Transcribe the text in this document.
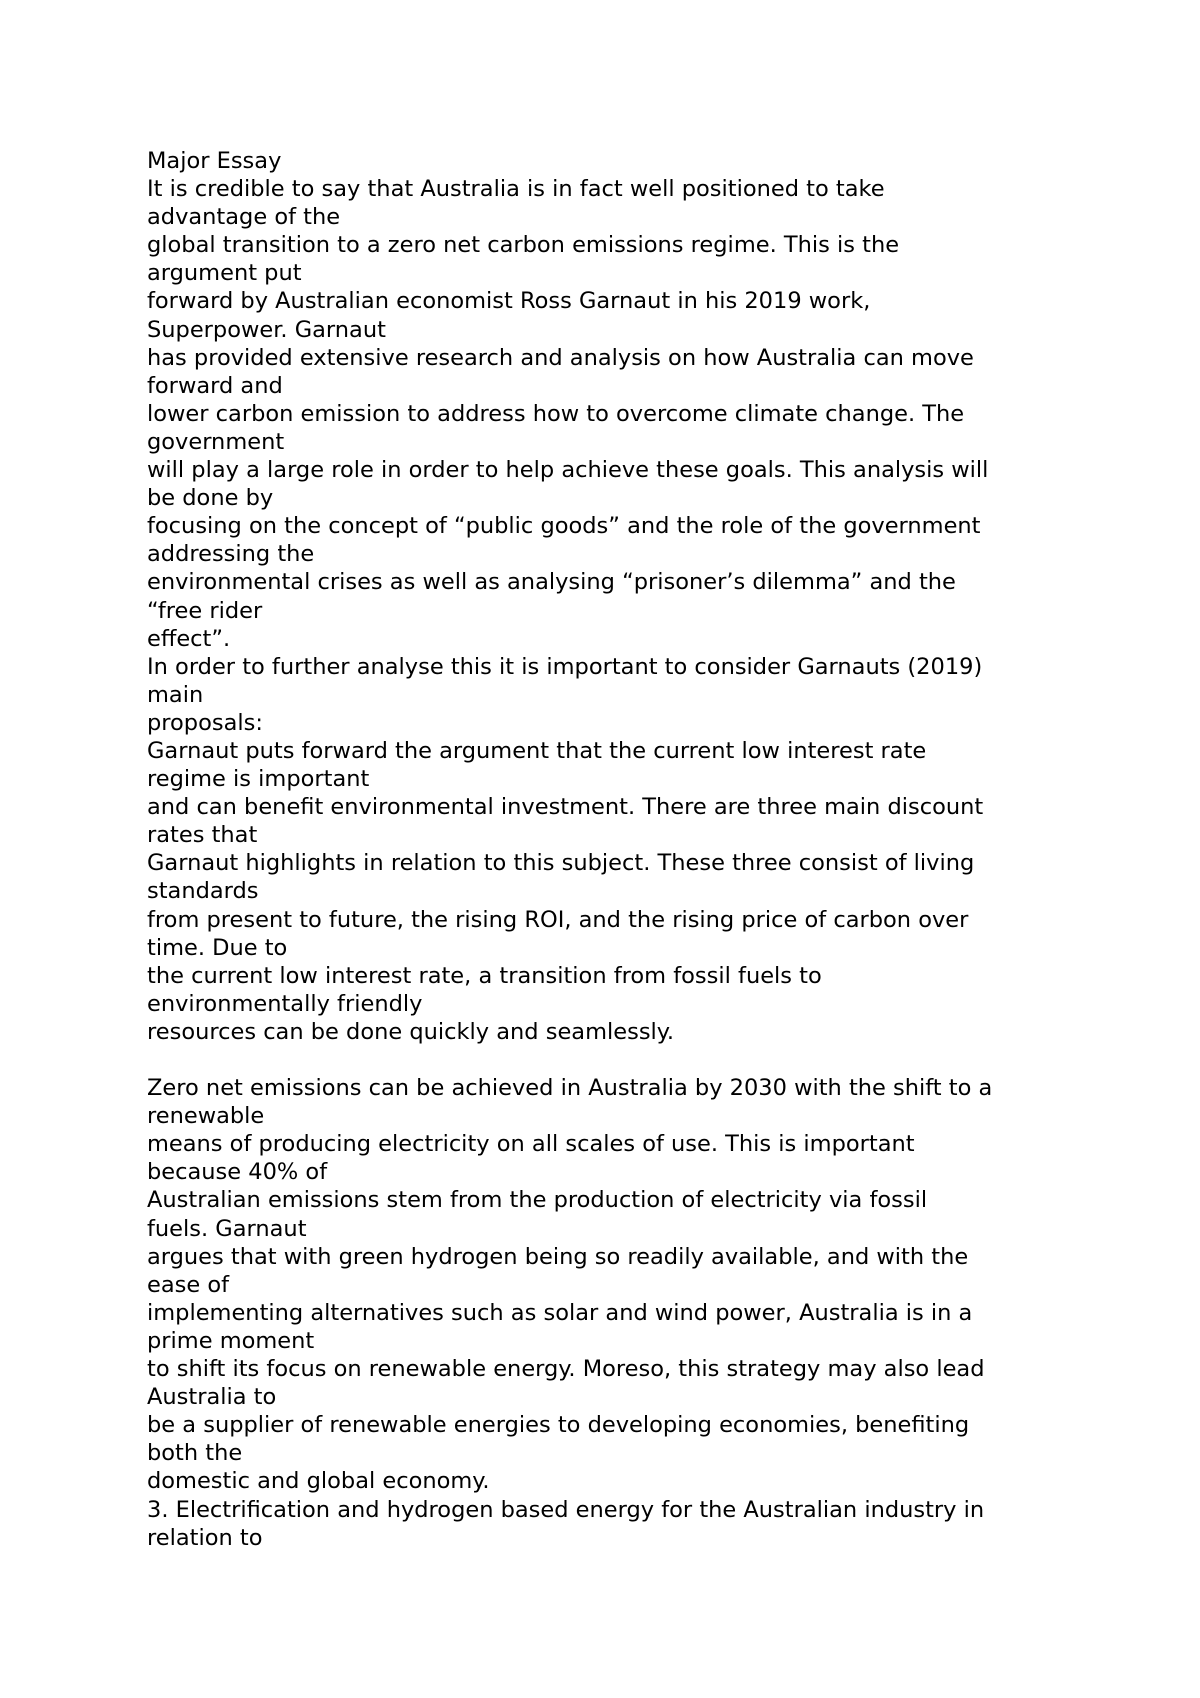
Major Essay
It is credible to say that Australia is in fact well positioned to take
advantage of the
global transition to a zero net carbon emissions regime. This is the
argument put
forward by Australian economist Ross Garnaut in his 2019 work,
Superpower. Garnaut
has provided extensive research and analysis on how Australia can move
forward and
lower carbon emission to address how to overcome climate change. The
government
will play a large role in order to help achieve these goals. This analysis will
be done by
focusing on the concept of “public goods” and the role of the government
addressing the
environmental crises as well as analysing “prisoner’s dilemma” and the
“free rider
effect”.
In order to further analyse this it is important to consider Garnauts (2019)
main
proposals:
Garnaut puts forward the argument that the current low interest rate
regime is important
and can benefit environmental investment. There are three main discount
rates that
Garnaut highlights in relation to this subject. These three consist of living
standards
from present to future, the rising ROI, and the rising price of carbon over
time. Due to
the current low interest rate, a transition from fossil fuels to
environmentally friendly
resources can be done quickly and seamlessly.
Zero net emissions can be achieved in Australia by 2030 with the shift to a
renewable
means of producing electricity on all scales of use. This is important
because 40% of
Australian emissions stem from the production of electricity via fossil
fuels. Garnaut
argues that with green hydrogen being so readily available, and with the
ease of
implementing alternatives such as solar and wind power, Australia is in a
prime moment
to shift its focus on renewable energy. Moreso, this strategy may also lead
Australia to
be a supplier of renewable energies to developing economies, benefiting
both the
domestic and global economy.
3. Electrification and hydrogen based energy for the Australian industry in
relation to
